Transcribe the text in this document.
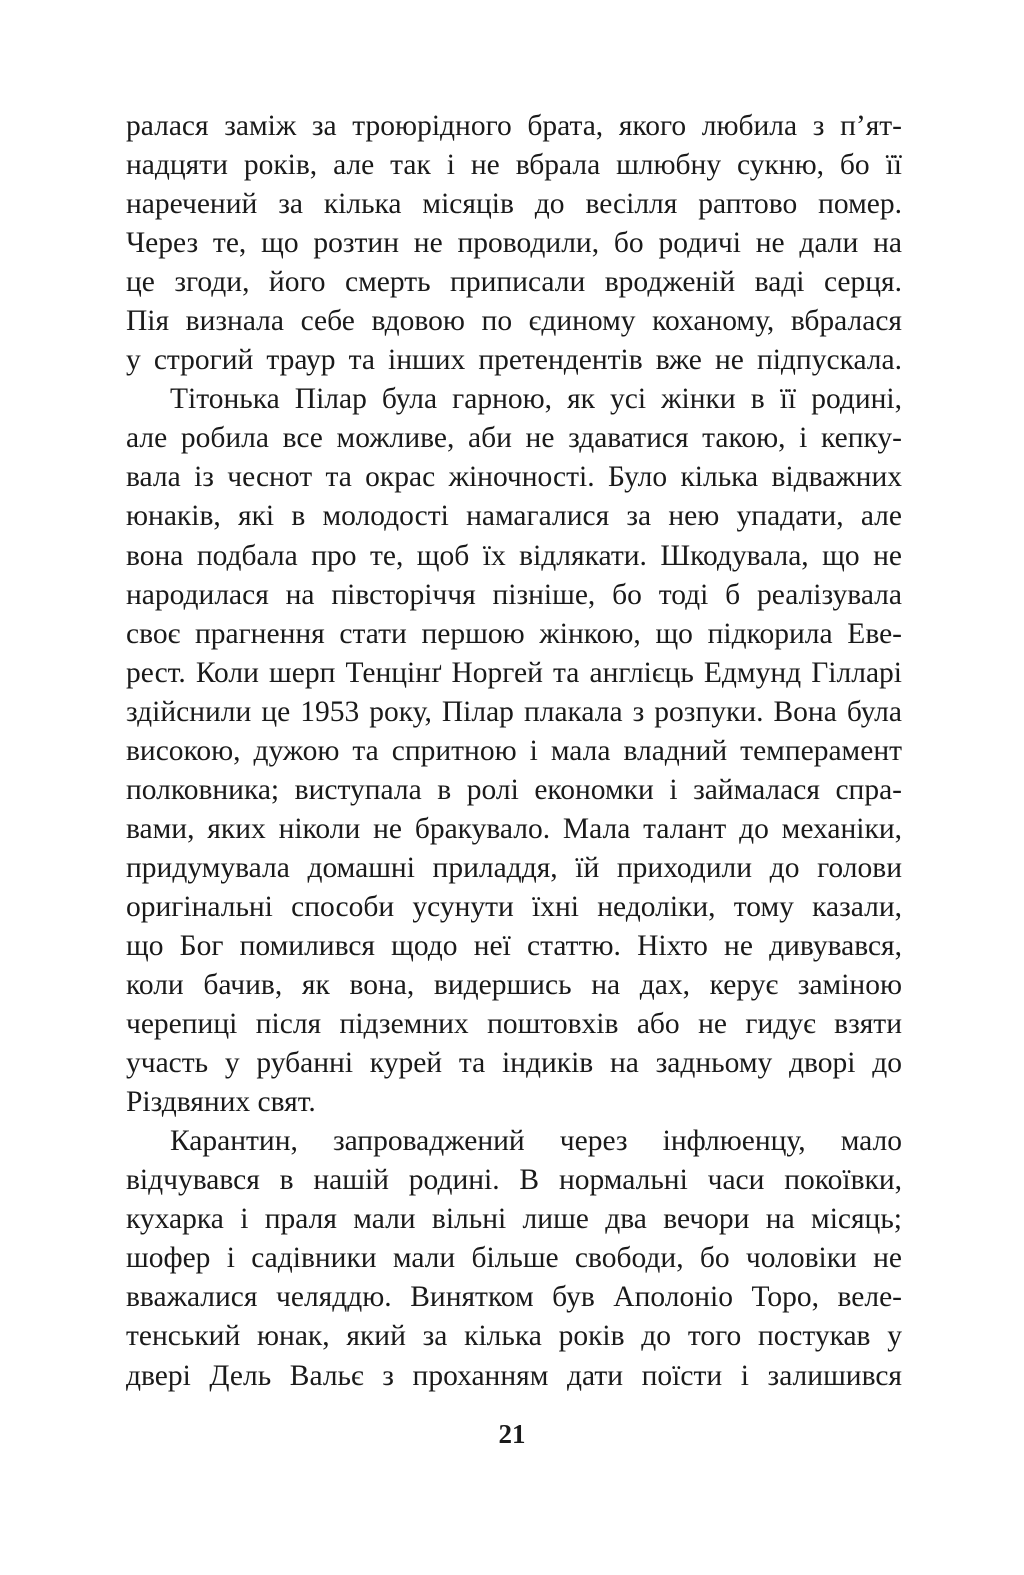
ралася заміж за троюрідного брата, якого любила з п’ят-
надцяти років, але так і не вбрала шлюбну сукню, бо її
наречений за кілька місяців до весілля раптово помер.
Через те, що розтин не проводили, бо родичі не дали на
це згоди, його смерть приписали вродженій ваді серця.
Пія визнала себе вдовою по єдиному коханому, вбралася
у строгий траур та інших претендентів вже не підпускала.
Тітонька Пілар була гарною, як усі жінки в її родині,
але робила все можливе, аби не здаватися такою, і кепку-
вала із чеснот та окрас жіночності. Було кілька відважних
юнаків, які в молодості намагалися за нею упадати, але
вона подбала про те, щоб їх відлякати. Шкодувала, що не
народилася на півсторіччя пізніше, бо тоді б реалізувала
своє прагнення стати першою жінкою, що підкорила Еве-
рест. Коли шерп Тенцінґ Норгей та англієць Едмунд Гілларі
здійснили це 1953 року, Пілар плакала з розпуки. Вона була
високою, дужою та спритною і мала владний темперамент
полковника; виступала в ролі економки і займалася спра-
вами, яких ніколи не бракувало. Мала талант до механіки,
придумувала домашні приладдя, їй приходили до голови
оригінальні способи усунути їхні недоліки, тому казали,
що Бог помилився щодо неї статтю. Ніхто не дивувався,
коли бачив, як вона, видершись на дах, керує заміною
черепиці після підземних поштовхів або не гидує взяти
участь у рубанні курей та індиків на задньому дворі до
Різдвяних свят.
Карантин, запроваджений через інфлюенцу, мало
відчувався в нашій родині. В нормальні часи покоївки,
кухарка і праля мали вільні лише два вечори на місяць;
шофер і садівники мали більше свободи, бо чоловіки не
вважалися челяддю. Винятком був Аполоніо Торо, веле-
тенський юнак, який за кілька років до того постукав у
двері Дель Вальє з проханням дати поїсти і залишився
21
